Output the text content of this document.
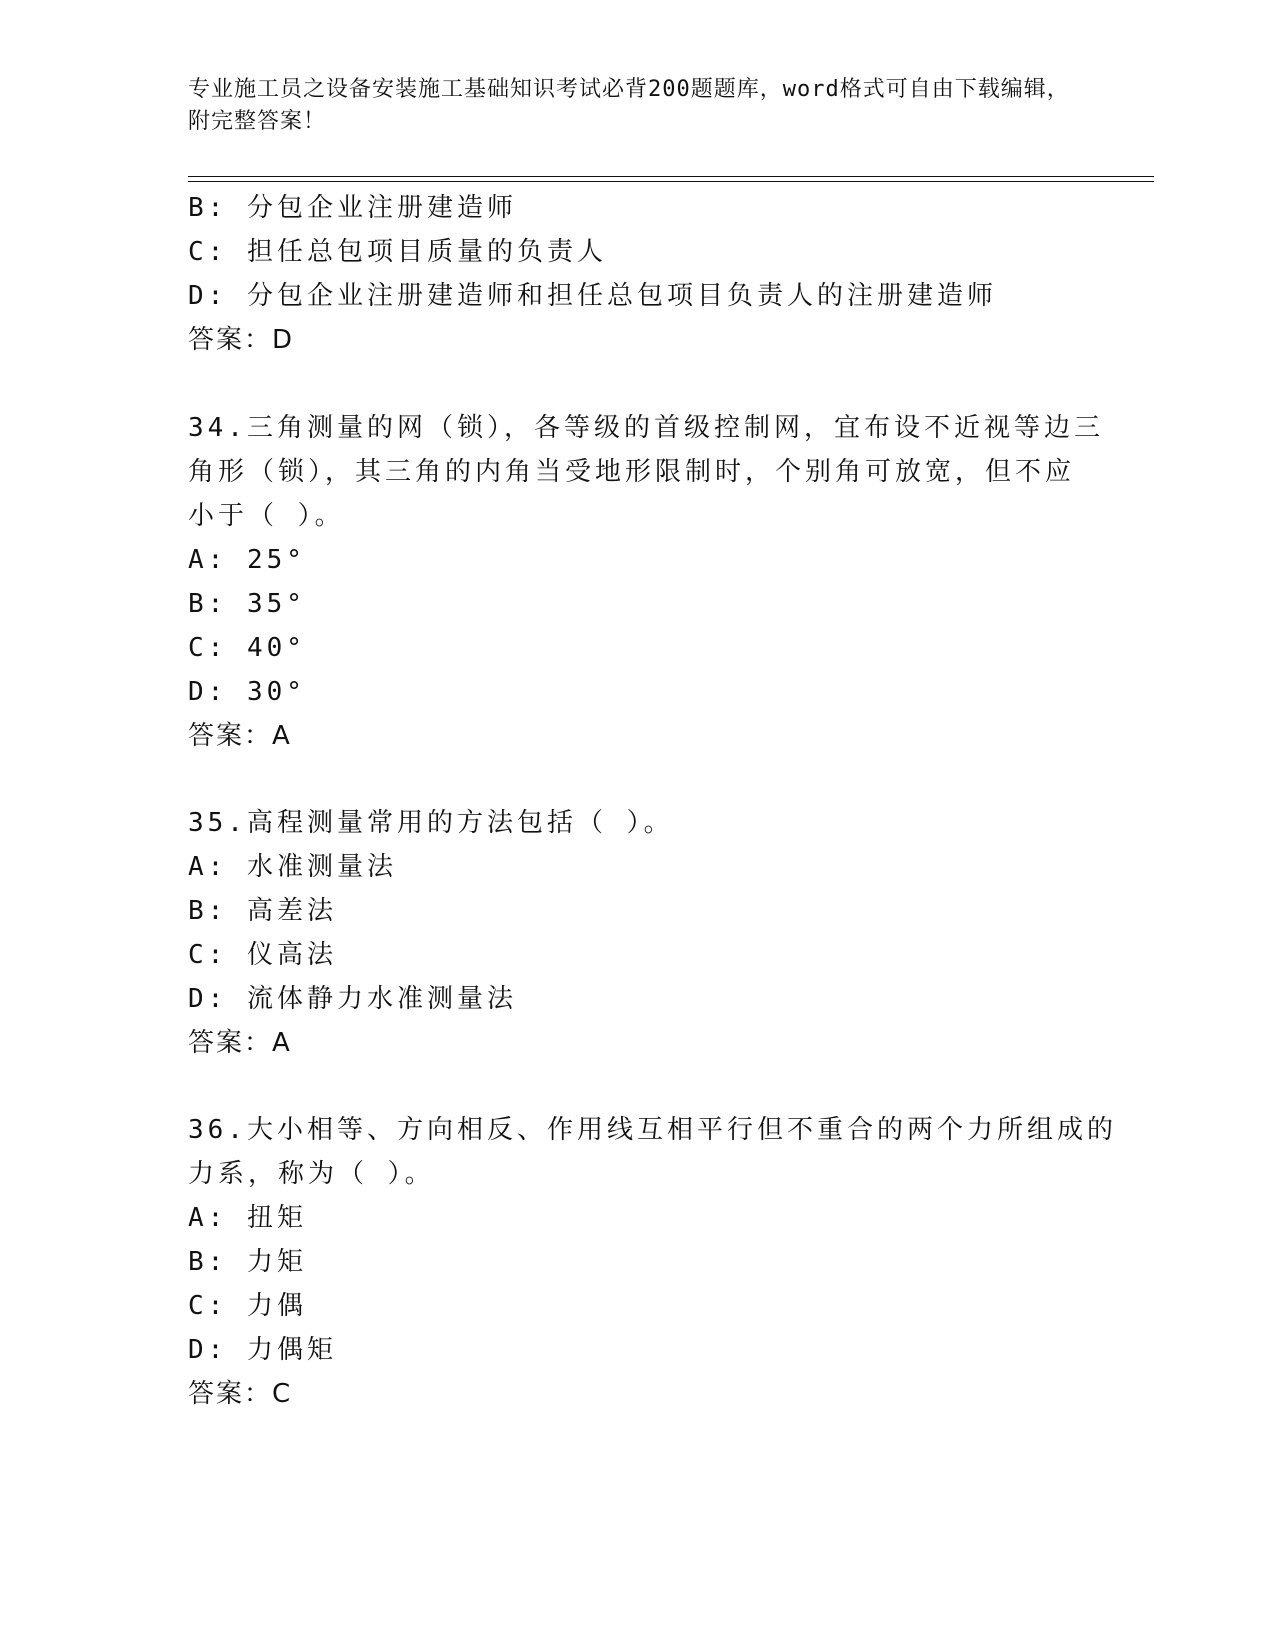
专业施工员之设备安装施工基础知识考试必背200题题库，word格式可自由下载编辑，附完整答案！
B: 分包企业注册建造师
C: 担任总包项目质量的负责人
D: 分包企业注册建造师和担任总包项目负责人的注册建造师
答案：D
34.三角测量的网（锁），各等级的首级控制网，宜布设不近视等边三
角形（锁），其三角的内角当受地形限制时，个别角可放宽，但不应
小于（ ）。
A: 25°
B: 35°
C: 40°
D: 30°
答案：A
35.高程测量常用的方法包括（ ）。
A: 水准测量法
B: 高差法
C: 仪高法
D: 流体静力水准测量法
答案：A
36.大小相等、方向相反、作用线互相平行但不重合的两个力所组成的
力系，称为（ ）。
A: 扭矩
B: 力矩
C: 力偶
D: 力偶矩
答案：C
